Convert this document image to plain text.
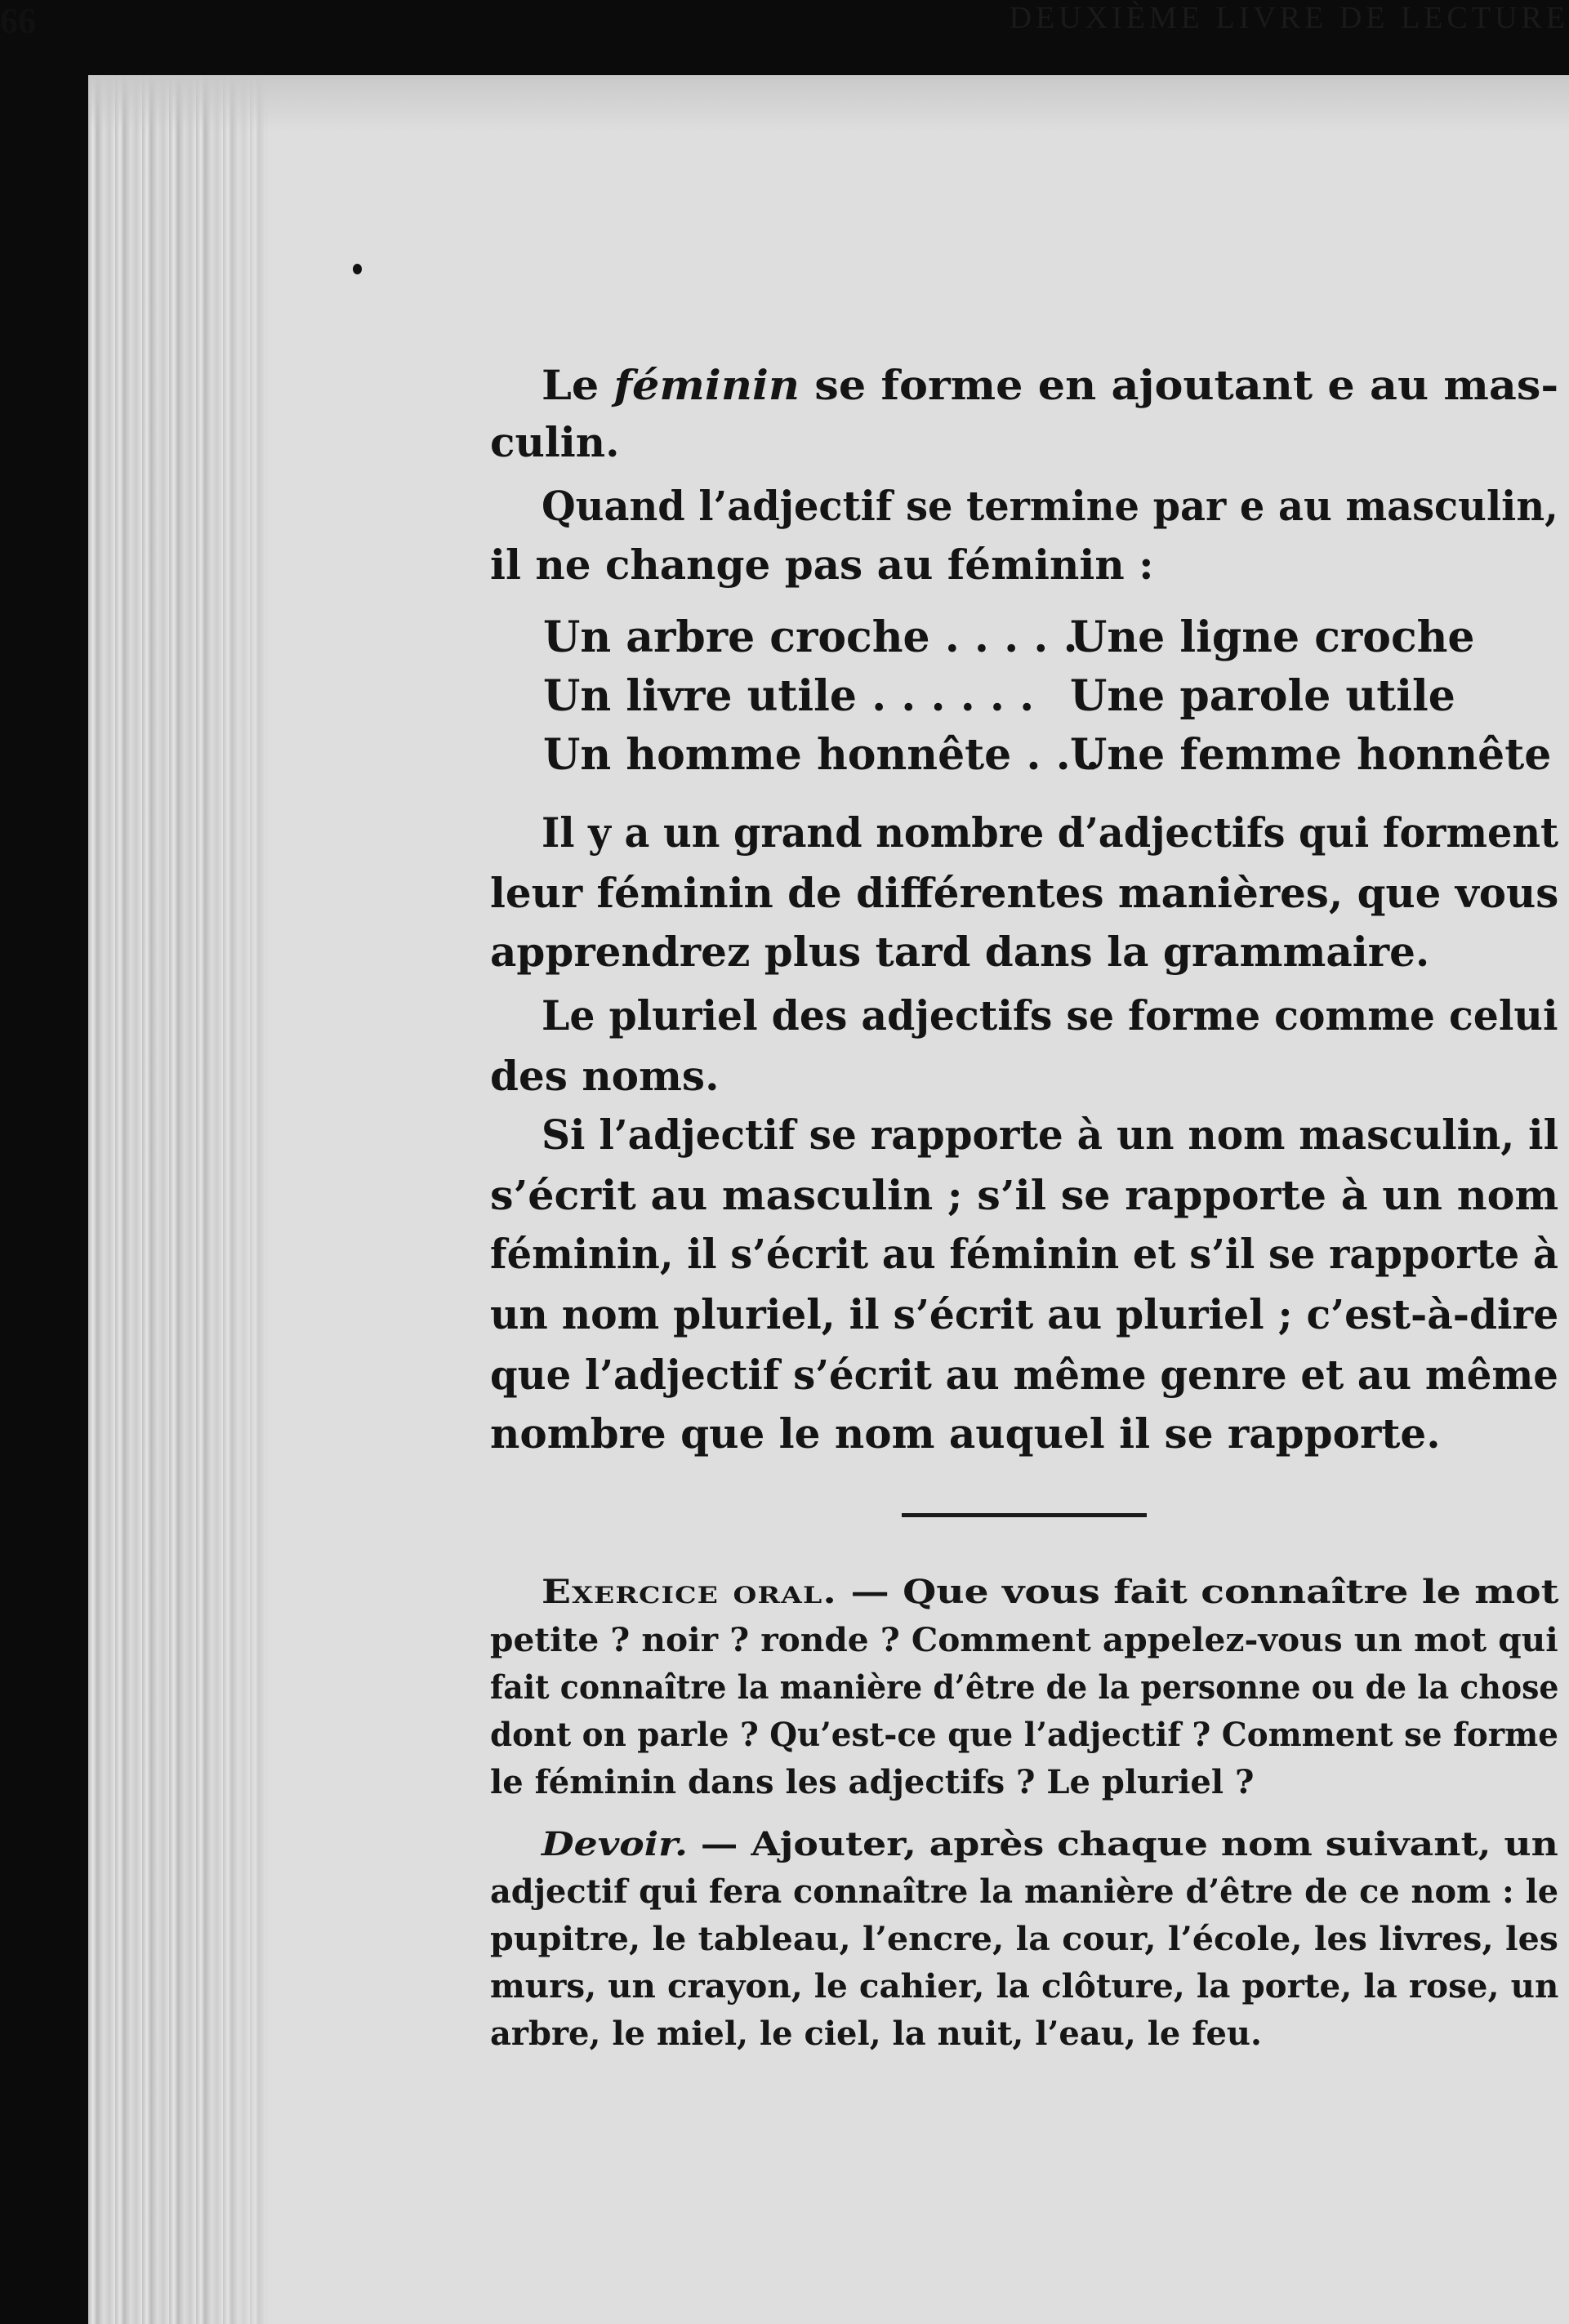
66	DEUXIÈME LIVRE DE LECTURE
Le féminin se forme en ajoutant e au mas-
culin.
Quand l’adjectif se termine par e au masculin,
il ne change pas au féminin :
Un arbre croche . . . . .
Une ligne croche
Un livre utile . . . . . . Une parole utile
Un homme honnête . . .
Une femme honnête
Il y a un grand nombre d’adjectifs qui forment
leur féminin de différentes manières, que vous
apprendrez plus tard dans la grammaire.
Le pluriel des adjectifs se forme comme celui
des noms.
Si l’adjectif se rapporte à un nom masculin, il
s’écrit au masculin ; s’il se rapporte à un nom
féminin, il s’écrit au féminin et s’il se rapporte à
un nom pluriel, il s’écrit au pluriel ; c’est-à-dire
que l’adjectif s’écrit au même genre et au même
nombre que le nom auquel il se rapporte.
Exercice oral. — Que vous fait connaître le mot
petite ? noir ? ronde ? Comment appelez-vous un mot qui
fait connaître la manière d’être de la personne ou de la chose
dont on parle ? Qu’est-ce que l’adjectif ? Comment se forme
le féminin dans les adjectifs ? Le pluriel ?
Devoir. — Ajouter, après chaque nom suivant, un
adjectif qui fera connaître la manière d’être de ce nom : le
pupitre, le tableau, l’encre, la cour, l’école, les livres, les
murs, un crayon, le cahier, la clôture, la porte, la rose, un
arbre, le miel, le ciel, la nuit, l’eau, le feu.
